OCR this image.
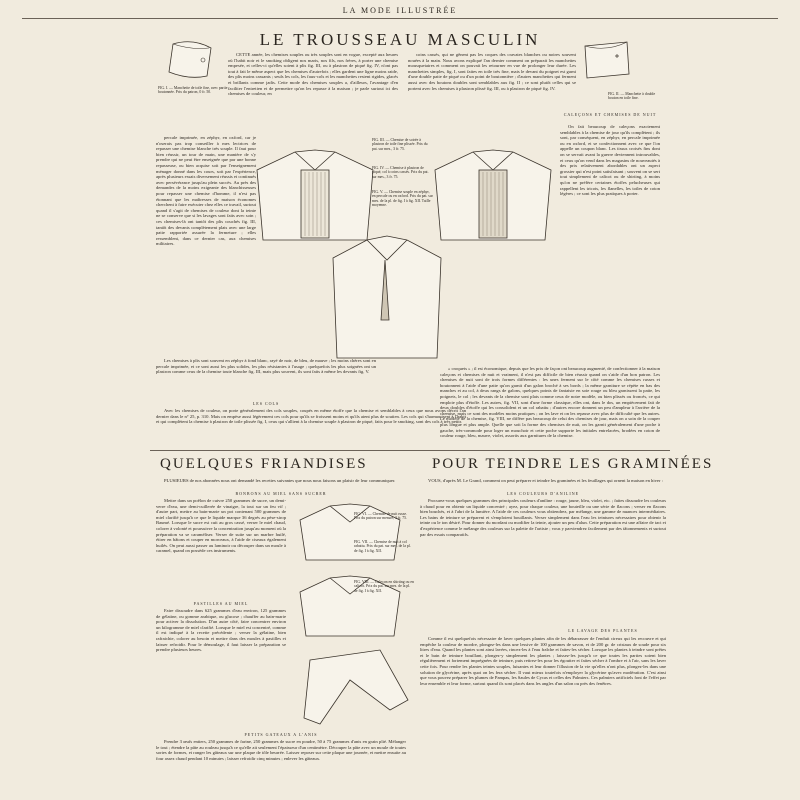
LA MODE ILLUSTRÉE
LE TROUSSEAU MASCULIN
FIG. I. — Manchette de toile fine, avec partie boutonnée. Prix du patron, 0 fr. 50.	FIG. II. — Manchette à double bouton en toile fine.

CETTE année, les chemises souples ou très souples sont en vogue, excepté aux heures où l'habit noir et le smoking obligent nos maris, nos fils, nos frères, à porter une chemise empesée, et celles-ci qu'elles soient à plis fig. III, ou à plastron de piqué fig. IV, n'ont pas tout à fait le même aspect que les chemises d'autrefois ; elles gardent une ligne moins raide, des plis moins cassants ; seuls les cols, les faux-cols et les manchettes restent rigides, glacés et brillants comme jadis. Cette mode des chemises souples a, d'ailleurs, l'avantage d'en faciliter l'entretien et de permettre qu'on les repasse à la maison ; je parle surtout ici des chemises de couleur, en

coins cassés, qui ne gênent pas les coques des cravates blanches ou noires souvent nouées à la main. Nous avons expliqué l'an dernier comment on préparait les manchettes mousquetaires et comment on pouvait les retourner en vue de prolonger leur durée. Les manchettes simples, fig. I, sont faites en toile très fine, mais le devant du poignet est garni d'une double patte de piqué ou d'un point de boutonnière ; d'autres manchettes qui ferment aussi avec des boutons doubles sont semblables aux fig. II ; ce sont plutôt celles qui se portent avec les chemises à plastron plissé fig. III, ou à plastron de piqué fig. IV.

percale imprimée, en zéphyr, en oxford, car je n'oserais pas trop conseiller à mes lectrices de repasser une chemise blanche très souple. Il faut pour bien réussir, un tour de main, une manière de s'y prendre qui ne peut être enseignée que par une bonne repasseuse, ou bien acquise soit par l'enseignement ménager donné dans les cours, soit par l'expérience, après plusieurs essais diversement réussis et continués avec persévérance jusqu'au plein succès. Au près des demandes de la moins exigeante des blanchisseuses pour repasser une chemise d'homme, il n'est pas étonnant que les maîtresses de maison économes cherchent à faire exécuter chez elles ce travail, surtout quand il s'agit de chemises de couleur dont la teinte ne se conserve que si les lavages sont faits avec soin ; ces chemises-là ont tantôt des plis couchés fig. III, tantôt des devants complètement plats avec une large patte rapportée assurée la fermeture ; elles ressemblent, dans ce dernier cas, aux chemises militaires.

FIG. III. — Chemise de soirée à plastron de toile fine plissée. Prix du pat. sur mes., 3 fr. 75.
FIG. IV. — Chemise à plastron de piqué, col à coins cassés. Prix du pat. sur mes., 3 fr. 75.
FIG. V. — Chemise souple en zéphyr, en percale ou en oxford. Prix du pat. sur mes. de la pl. de fig. I à fig. XII. Taille moyenne.
CALEÇONS ET CHEMISES DE NUIT

On fait beaucoup de caleçons exactement semblables à la chemise de jour qu'ils complètent ; ils sont, par conséquent, en zéphyr, en percale imprimée ou en oxford, et se confectionnent avec ce que l'on appelle un coupon blanc. Les tissus croisés fins dont on se servait avant la guerre deviennent introuvables, et ceux qu'on vend dans les magasins de nouveautés à des prix relativement abordables ont un aspect grossier qui n'est point satisfaisant ; souvent on se sert tout simplement de calicot ou de shirting, à moins qu'on ne préfère certaines étoffes pelucheuses qui rappellent les tricots, les flanelles, les toiles de coton légères ; ce sont les plus pratiques à porter.

Les chemises à plis sont souvent en zéphyr à fond blanc, rayé de noir, de bleu, de mauve ; les moins chères sont en percale imprimée, et ce sont aussi les plus solides, les plus résistantes à l'usage ; quelquefois les plus soignées ont un plastron comme ceux de la chemise toute blanche fig. III, mais plus souvent, ils sont faits à même les devants fig. V.

LES COLS

Avec les chemises de couleur, on porte généralement des cols souples, coupés en même étoffe que la chemise et semblables à ceux que nous avons décrit l'an dernier dans le n° 25, p. 310. Mais on empèse aussi légèrement ces cols pour qu'ils se froissent moins et qu'ils aient plus de soutien. Les cols qui s'harmonisent à l'habit et qui complètent la chemise à plastron de toile plissée fig. I, ceux qui s'allient à la chemise souple à plastron de piqué, faits pour le smoking, sont des cols à très petits

« croquets » ; il est économique, depuis que les prix de façon ont beaucoup augmenté, de confectionner à la maison caleçons et chemises de nuit et vraiment, il n'est pas difficile de bien réussir quand on s'aide d'un bon patron. Les chemises de nuit sont de trois formes différentes : les unes ferment sur le côté comme les chemises russes et boutonnent à l'aide d'une patte qu'on garnit d'un galon broché à ses bords ; la même garniture se répète en bas des manches et au col, à deux rangs de galons, quelques points de fantaisie en soie rouge ou bleu garnissent la patte, les poignets, le col ; les devants de la chemise sont plats comme ceux de notre modèle, ou bien plissés ou froncés, ce qui emploie plus d'étoffe. Les autres, fig. VII, sont d'une forme classique, elles ont, dans le dos, un empiècement fait de deux doubles d'étoffe qui les consolident et un col rabattu ; d'autres encore donnent un peu d'ampleur à l'arrière de la chemise, mais ce sont des modèles moins pratiques ; on les lave et on les repasse avec plus de difficulté que les autres. Le modèle de la chemise, fig. VIII, ne diffère pas beaucoup de celui des chemises de jour, mais on a soin de la couper plus longue et plus ample. Quelle que soit la forme des chemises de nuit, on les garnit généralement d'une poche à gauche, très-commode pour loger un mouchoir et cette poche supporte les initiales entrelacées, brodées en coton de couleur rouge, bleu, mauve, violet, assortis aux garnitures de la chemise.

QUELQUES FRIANDISES	POUR TEINDRE LES GRAMINÉES

PLUSIEURS de nos abonnées nous ont demandé les recettes suivantes que nous nous faisons un plaisir de leur communiquer.

BONBONS AU MIEL SANS SUCRER

Mettre dans un poêlon de cuivre 250 grammes de sucre, un demi-verre d'eau, une demi-cuillerée de vinaigre, la tout sur un feu vif ; d'autre part, mettre au bain-marie un pot contenant 500 grammes de miel clarifié jusqu'à ce que le liquide marque 36 degrés au pèse-sirop Baumé. Lorsque le sucre est cuit au gros cassé, verser le miel chaud, colorer à volonté et poursuivre la concentration jusqu'au moment où la préparation va se caraméliser. Verser de suite sur un marbre huilé, étirer en bâtons et couper en morceaux, à l'aide de ciseaux également huilés. On peut aussi passer au laminoir ou découper dans un moule à caramel, quand on possède ces instruments.

PASTILLES AU MIEL

Faire dissoudre dans 625 grammes d'eau environ, 125 grammes de gélatine, ou gomme arabique, ou glucose ; chauffer au bain-marie pour activer la dissolution. D'un autre côté, faire concentrer environ un kilogramme de miel clarifié. Lorsque le miel est concentré, comme il est indiqué à la recette précédente ; verser la gélatine, bien rafraichie, colorer au besoin et mettre dans des moules à pastilles et laisser refroidir. Pour le démoulage, il faut laisser la préparation se prendre plusieurs heures.

PETITS GATEAUX A L'ANIS

Prendre 3 œufs entiers, 250 grammes de farine, 250 grammes de sucre en poudre, 50 à 75 grammes d'anis en grain plié. Mélanger le tout ; étendre la pâte au rouleau jusqu'à ce qu'elle ait seulement l'épaisseur d'un centimètre. Découper la pâte avec un moule de toutes sortes de formes, et ranger les gâteaux sur une plaque de tôle beurrée. Laisser reposer sur cette plaque une journée, et mettre ensuite au four assez chaud pendant 10 minutes ; laisser refroidir cinq minutes ; enlever les gâteaux.

FIG. VI. — Chemise de nuit russe. Prix du patron sur mesure, 3 fr. 75.
FIG. VII. — Chemise de nuit à col rabattu. Prix du pat. sur mes. de la pl. de fig. I à fig. XII.
FIG. VIII. — Caleçon en shirting ou en calicot. Prix du pat. sur mes. de la pl. de fig. I à fig. XII.

VOUS, d'après M. Le Grand, comment on peut préparer et teindre les graminées et les feuillages qui ornent la maison en hiver :

LES COULEURS D'ANILINE

Procurez-vous quelques grammes des principales couleurs d'aniline : rouge, jaune, bleu, violet, etc. ; faites dissoudre les couleurs à chaud pour en obtenir un liquide concentré ; ayez, pour chaque couleur, une bouteille ou une série de flacons ; verser en flacons bien bouchés, et à l'abri de la lumière. A l'aide de ces couleurs vous obtiendrez, par mélange, une gamme de nuances intermédiaires. Les bains de teinture se préparent et s'emploient bouillants. Verser simplement dans l'eau les teintures nécessaires pour obtenir la teinte ou le ton désiré. Pour donner du mordant ou modifier la teinte, ajouter un peu d'alun. Cette préparation est une affaire de tact et d'expérience comme le mélange des couleurs sur la palette de l'artiste ; vous y parviendrez facilement par des tâtonnements et surtout par des essais comparatifs.

LE LAVAGE DES PLANTES

Comme il est quelquefois nécessaire de laver quelques plantes afin de les débarrasser de l'enduit cireux qui les recouvre et qui empêche la couleur de mordre, plongez-les dans une lessive de 100 grammes de savon, et de 200 gr. de cristaux de soude pour six litres d'eau. Quand les plantes sont ainsi lavées, rincez-les à l'eau fraîche et faites-les sécher. Lorsque les plantes à teindre sont prêtes et le bain de teinture bouillant, plongez-y simplement les plantes ; laissez-les jusqu'à ce que toutes les parties soient bien régulièrement et fortement imprégnées de teinture, puis retirez-les pour les égoutter et faites sécher à l'ombre et à l'air, sans les laver cette fois. Pour rendre les plantes teintes souples, luisantes et leur donner l'illusion de la vie qu'elles n'ont plus, plongez-les dans une solution de glycérine, après quoi on les fera sécher. Il vaut mieux toutefois n'employer la glycérine qu'avec modération. C'est ainsi que vous pouvez préparer les plumes de Pampas, les Saules de Cycas et celles des Palmiers. Ces palmiers artificiels font de l'effet par leur ensemble et leur forme, surtout quand ils sont placés dans les angles d'un salon ou près des fenêtres.
